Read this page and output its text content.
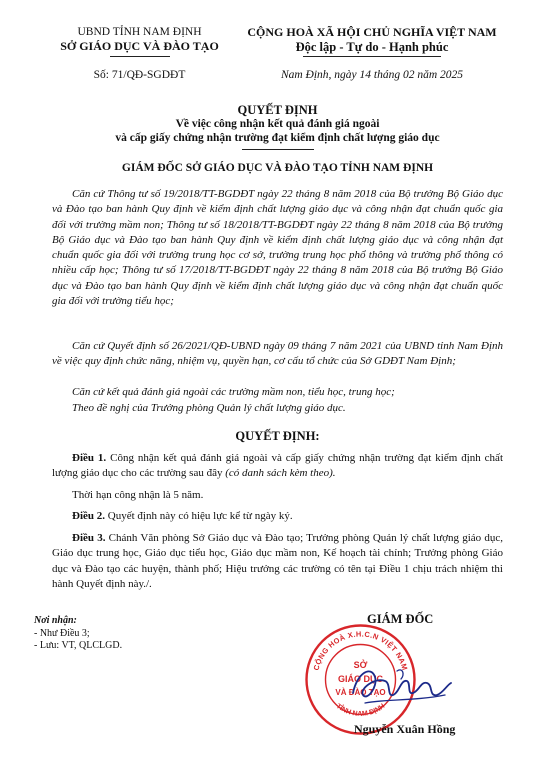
UBND TỈNH NAM ĐỊNH
SỞ GIÁO DỤC VÀ ĐÀO TẠO
Số: 71/QĐ-SGDĐT
CỘNG HOÀ XÃ HỘI CHỦ NGHĨA VIỆT NAM
Độc lập - Tự do - Hạnh phúc
Nam Định, ngày 14 tháng 02 năm 2025
QUYẾT ĐỊNH
Về việc công nhận kết quả đánh giá ngoài
và cấp giấy chứng nhận trường đạt kiểm định chất lượng giáo dục
GIÁM ĐỐC SỞ GIÁO DỤC VÀ ĐÀO TẠO TỈNH NAM ĐỊNH
Căn cứ Thông tư số 19/2018/TT-BGDĐT ngày 22 tháng 8 năm 2018 của Bộ trưởng Bộ Giáo dục và Đào tạo ban hành Quy định về kiểm định chất lượng giáo dục và công nhận đạt chuẩn quốc gia đối với trường mầm non; Thông tư số 18/2018/TT-BGDĐT ngày 22 tháng 8 năm 2018 của Bộ trưởng Bộ Giáo dục và Đào tạo ban hành Quy định về kiểm định chất lượng giáo dục và công nhận đạt chuẩn quốc gia đối với trường trung học cơ sở, trường trung học phổ thông và trường phổ thông có nhiều cấp học; Thông tư số 17/2018/TT-BGDĐT ngày 22 tháng 8 năm 2018 của Bộ trưởng Bộ Giáo dục và Đào tạo ban hành Quy định về kiểm định chất lượng giáo dục và công nhận đạt chuẩn quốc gia đối với trường tiểu học;
Căn cứ Quyết định số 26/2021/QĐ-UBND ngày 09 tháng 7 năm 2021 của UBND tỉnh Nam Định về việc quy định chức năng, nhiệm vụ, quyền hạn, cơ cấu tổ chức của Sở GDĐT Nam Định;
Căn cứ kết quả đánh giá ngoài các trường mầm non, tiểu học, trung học;
Theo đề nghị của Trưởng phòng Quản lý chất lượng giáo dục.
QUYẾT ĐỊNH:
Điều 1. Công nhận kết quả đánh giá ngoài và cấp giấy chứng nhận trường đạt kiểm định chất lượng giáo dục cho các trường sau đây (có danh sách kèm theo).
Thời hạn công nhận là 5 năm.
Điều 2. Quyết định này có hiệu lực kể từ ngày ký.
Điều 3. Chánh Văn phòng Sở Giáo dục và Đào tạo; Trưởng phòng Quản lý chất lượng giáo dục, Giáo dục trung học, Giáo dục tiểu học, Giáo dục mầm non, Kế hoạch tài chính; Trưởng phòng Giáo dục và Đào tạo các huyện, thành phố; Hiệu trưởng các trường có tên tại Điều 1 chịu trách nhiệm thi hành Quyết định này./.
Nơi nhận:
- Như Điều 3;
- Lưu: VT, QLCLGD.
GIÁM ĐỐC
CỘNG HOÀ X.H.C.N VIỆT NAM
TỈNH NAM ĐỊNH
SỞ
GIÁO DỤC
VÀ ĐÀO TẠO
Nguyễn Xuân Hồng
